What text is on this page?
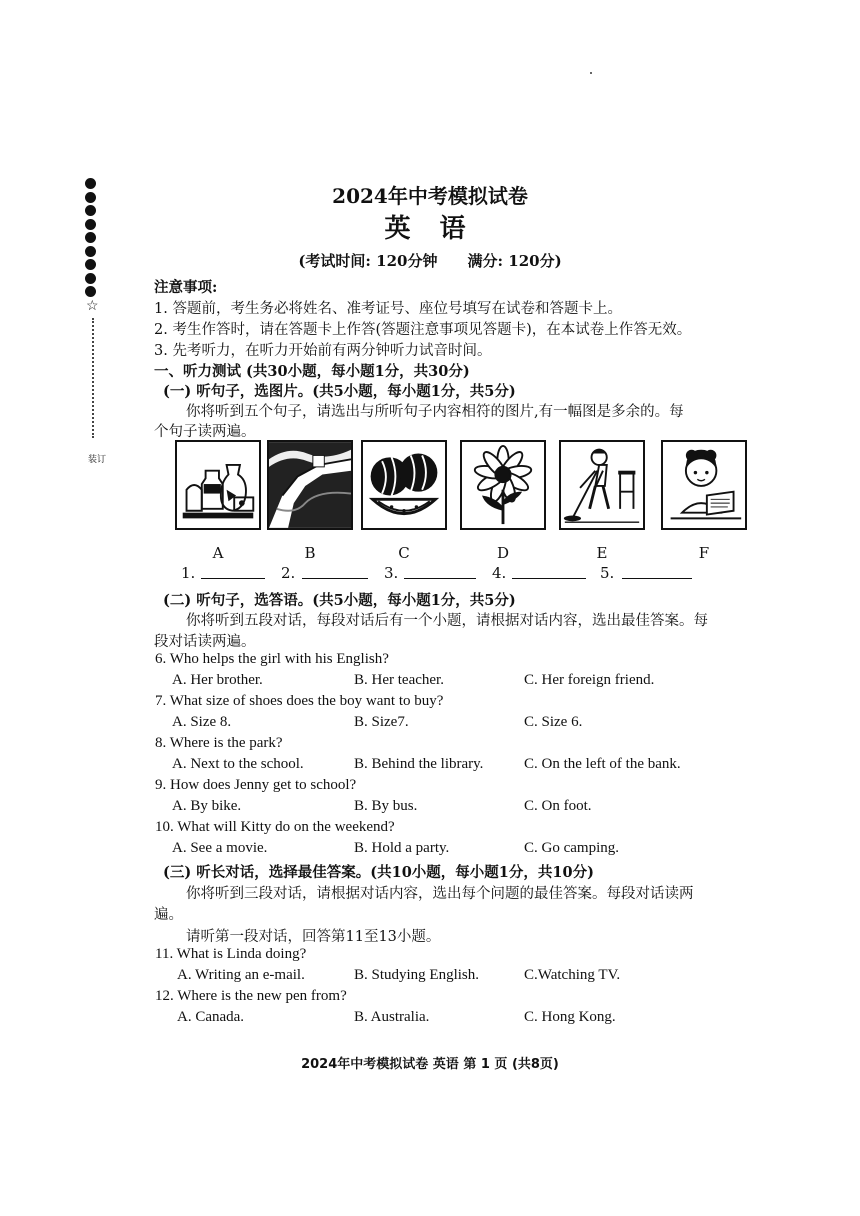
☆
装订
2024年中考模拟试卷
英 语
(考试时间: 120分钟　　满分: 120分)
注意事项:
1. 答题前，考生务必将姓名、准考证号、座位号填写在试卷和答题卡上。
2. 考生作答时，请在答题卡上作答(答题注意事项见答题卡)，在本试卷上作答无效。
3. 先考听力，在听力开始前有两分钟听力试音时间。
一、听力测试 (共30小题，每小题1分，共30分)
(一) 听句子，选图片。(共5小题，每小题1分，共5分)
你将听到五个句子，请选出与所听句子内容相符的图片,有一幅图是多余的。每
个句子读两遍。
A	B	C	D	E	F
1.	2.	3.	4.	5.
(二) 听句子，选答语。(共5小题，每小题1分，共5分)
你将听到五段对话，每段对话后有一个小题，请根据对话内容，选出最佳答案。每
段对话读两遍。
6. Who helps the girl with his English?
A. Her brother.	B. Her teacher.	C. Her foreign friend.
7. What size of shoes does the boy want to buy?
A. Size 8.	B. Size7.	C. Size 6.
8. Where is the park?
A. Next to the school.	B. Behind the library.	C. On the left of the bank.
9. How does Jenny get to school?
A. By bike.	B. By bus.	C. On foot.
10. What will Kitty do on the weekend?
A. See a movie.	B. Hold a party.	C. Go camping.
(三) 听长对话，选择最佳答案。(共10小题，每小题1分，共10分)
你将听到三段对话，请根据对话内容，选出每个问题的最佳答案。每段对话读两
遍。
请听第一段对话，回答第11至13小题。
11. What is Linda doing?
A. Writing an e-mail.	B. Studying English.	C.Watching TV.
12. Where is the new pen from?
A. Canada.	B. Australia.	C. Hong Kong.
2024年中考模拟试卷 英语 第 1 页 (共8页)
